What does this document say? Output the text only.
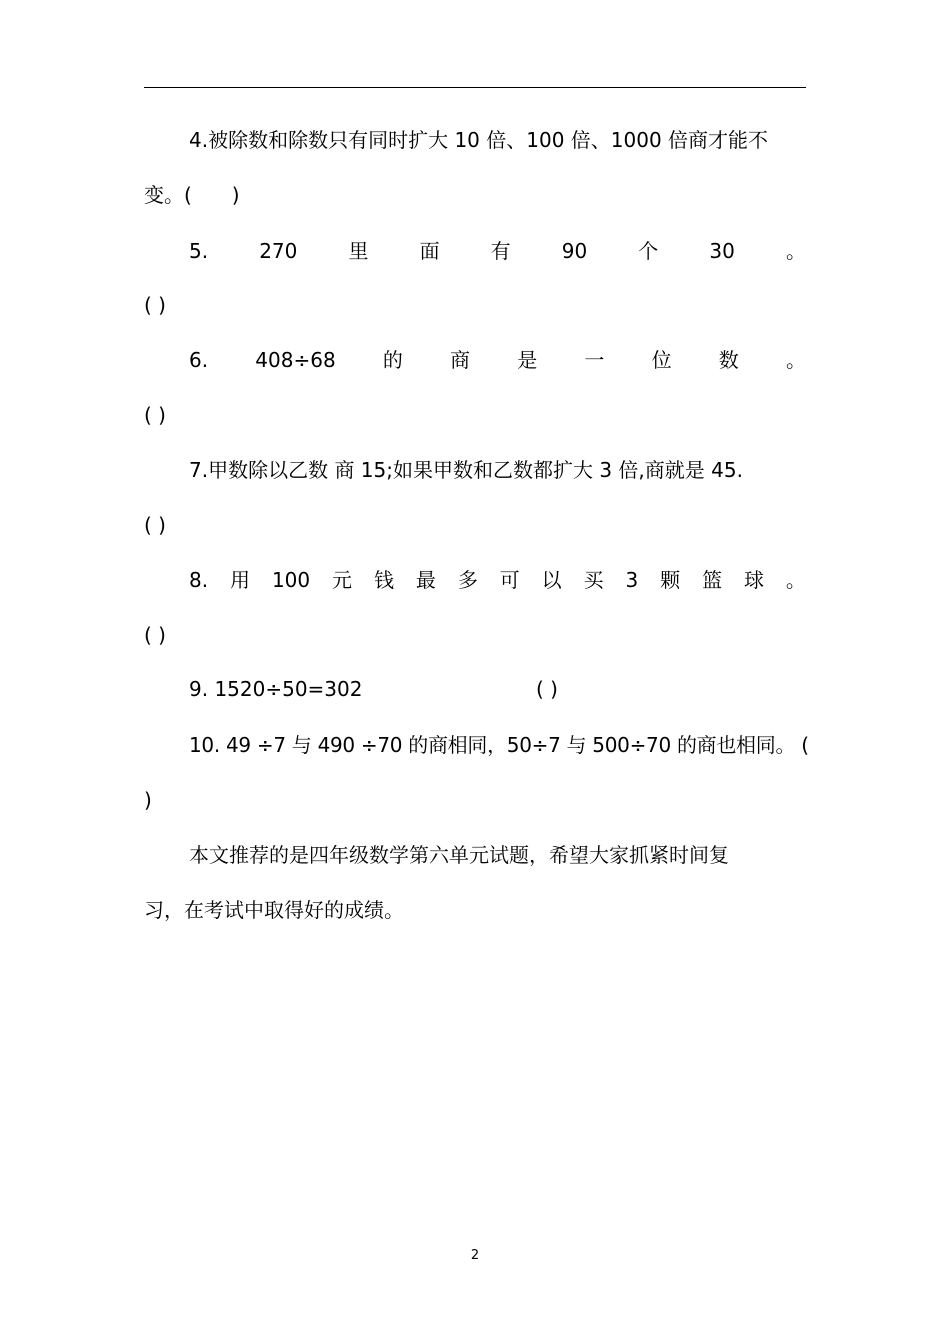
4.被除数和除数只有同时扩大 10 倍、100 倍、1000 倍商才能不
变。(　　)
5.	270	里	面	有	90	个	30	。
( )
6. 408÷68 的 商 是 一 位 数 。
( )
7.甲数除以乙数 商 15;如果甲数和乙数都扩大 3 倍,商就是 45.
( )
8. 用 100 元 钱 最 多 可 以 买 3 颗 篮 球 。
( )
9. 1520÷50=302	( )
10. 49 ÷7 与 490 ÷70 的商相同，50÷7 与 500÷70 的商也相同。 (
)
本文推荐的是四年级数学第六单元试题，希望大家抓紧时间复
习，在考试中取得好的成绩。
2
